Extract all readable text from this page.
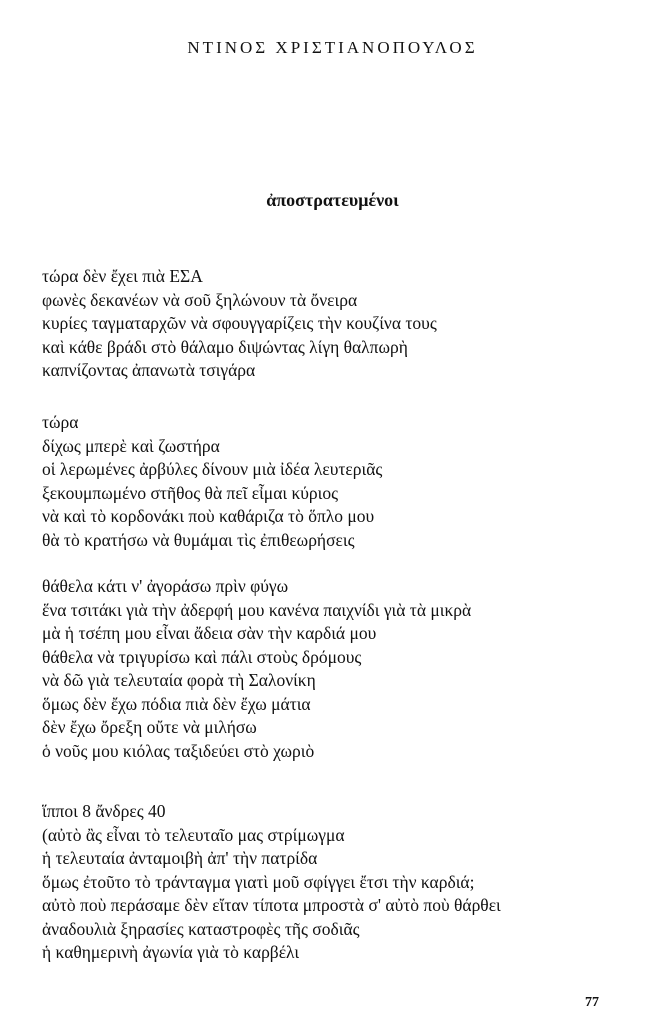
ΝΤΙΝΟΣ ΧΡΙΣΤΙΑΝΟΠΟΥΛΟΣ
ἀποστρατευμένοι
τώρα δὲν ἔχει πιὰ ΕΣΑ
φωνὲς δεκανέων νὰ σοῦ ξηλώνουν τὰ ὄνειρα
κυρίες ταγματαρχῶν νὰ σφουγγαρίζεις τὴν κουζίνα τους
καὶ κάθε βράδι στὸ θάλαμο διψώντας λίγη θαλπωρὴ
καπνίζοντας ἀπανωτὰ τσιγάρα
τώρα
δίχως μπερὲ καὶ ζωστήρα
οἱ λερωμένες ἀρβύλες δίνουν μιὰ ἰδέα λευτεριᾶς
ξεκουμπωμένο στῆθος θὰ πεῖ εἶμαι κύριος
νὰ καὶ τὸ κορδονάκι ποὺ καθάριζα τὸ ὅπλο μου
θὰ τὸ κρατήσω νὰ θυμάμαι τὶς ἐπιθεωρήσεις
θάθελα κάτι ν' ἀγοράσω πρὶν φύγω
ἕνα τσιτάκι γιὰ τὴν ἀδερφή μου κανένα παιχνίδι γιὰ τὰ μικρὰ
μὰ ἡ τσέπη μου εἶναι ἄδεια σὰν τὴν καρδιά μου
θάθελα νὰ τριγυρίσω καὶ πάλι στοὺς δρόμους
νὰ δῶ γιὰ τελευταία φορὰ τὴ Σαλονίκη
ὅμως δὲν ἔχω πόδια πιὰ δὲν ἔχω μάτια
δὲν ἔχω ὄρεξη οὔτε νὰ μιλήσω
ὁ νοῦς μου κιόλας ταξιδεύει στὸ χωριὸ
ἵπποι 8 ἄνδρες 40
(αὐτὸ ἂς εἶναι τὸ τελευταῖο μας στρίμωγμα
ἡ τελευταία ἀνταμοιβὴ ἀπ' τὴν πατρίδα
ὅμως ἐτοῦτο τὸ τράνταγμα γιατὶ μοῦ σφίγγει ἔτσι τὴν καρδιά;
αὐτὸ ποὺ περάσαμε δὲν εἴταν τίποτα μπροστὰ σ' αὐτὸ ποὺ θάρθει
ἀναδουλιὰ ξηρασίες καταστροφὲς τῆς σοδιᾶς
ἡ καθημερινὴ ἀγωνία γιὰ τὸ καρβέλι
77
